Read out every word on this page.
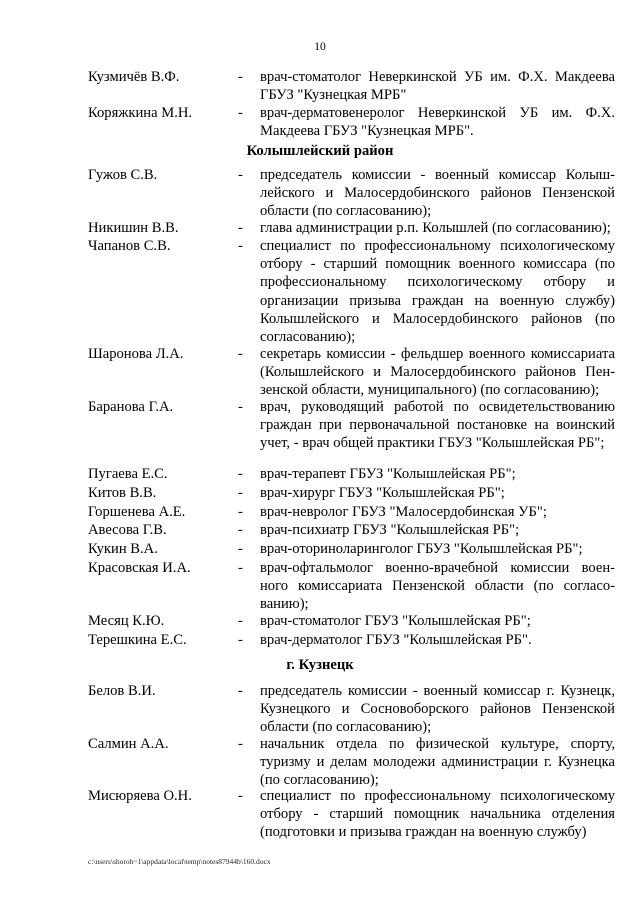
10
Кузмичёв В.Ф.	- врач-стоматолог Неверкинской УБ им. Ф.Х. Макдеева ГБУЗ "Кузнецкая МРБ"
Коряжкина М.Н.	- врач-дерматовенеролог Неверкинской УБ им. Ф.Х. Макдеева ГБУЗ "Кузнецкая МРБ".
Колышлейский район
Гужов С.В.	- председатель комиссии - военный комиссар Колыш-лейского и Малосердобинского районов Пензенской области (по согласованию);
Никишин В.В.	- глава администрации р.п. Колышлей (по согласованию);
Чапанов С.В.	- специалист по профессиональному психологическому отбору - старший помощник военного комиссара (по профессиональному психологическому отбору и организации призыва граждан на военную службу) Колышлейского и Малосердобинского районов (по согласованию);
Шаронова Л.А.	- секретарь комиссии - фельдшер военного комиссариата (Колышлейского и Малосердобинского районов Пен-зенской области, муниципального) (по согласованию);
Баранова Г.А.	- врач, руководящий работой по освидетельствованию граждан при первоначальной постановке на воинский учет, - врач общей практики ГБУЗ "Колышлейская РБ";
Пугаева Е.С.	- врач-терапевт ГБУЗ "Колышлейская РБ";
Китов В.В.	- врач-хирург ГБУЗ "Колышлейская РБ";
Горшенева А.Е.	- врач-невролог ГБУЗ "Малосердобинская УБ";
Авесова Г.В.	- врач-психиатр ГБУЗ "Колышлейская РБ";
Кукин В.А.	- врач-оториноларинголог ГБУЗ "Колышлейская РБ";
Красовская И.А.	- врач-офтальмолог военно-врачебной комиссии воен-ного комиссариата Пензенской области (по согласо-ванию);
Месяц К.Ю.	- врач-стоматолог ГБУЗ "Колышлейская РБ";
Терешкина Е.С.	- врач-дерматолог ГБУЗ "Колышлейская РБ".
г. Кузнецк
Белов В.И.	- председатель комиссии - военный комиссар г. Кузнецк, Кузнецкого и Сосновоборского районов Пензенской области (по согласованию);
Салмин А.А.	- начальник отдела по физической культуре, спорту, туризму и делам молодежи администрации г. Кузнецка (по согласованию);
Мисюряева О.Н.	- специалист по профессиональному психологическому отбору - старший помощник начальника отделения (подготовки и призыва граждан на военную службу)
c:\users\shoroh~1\appdata\local\temp\notes87944b\160.docx
